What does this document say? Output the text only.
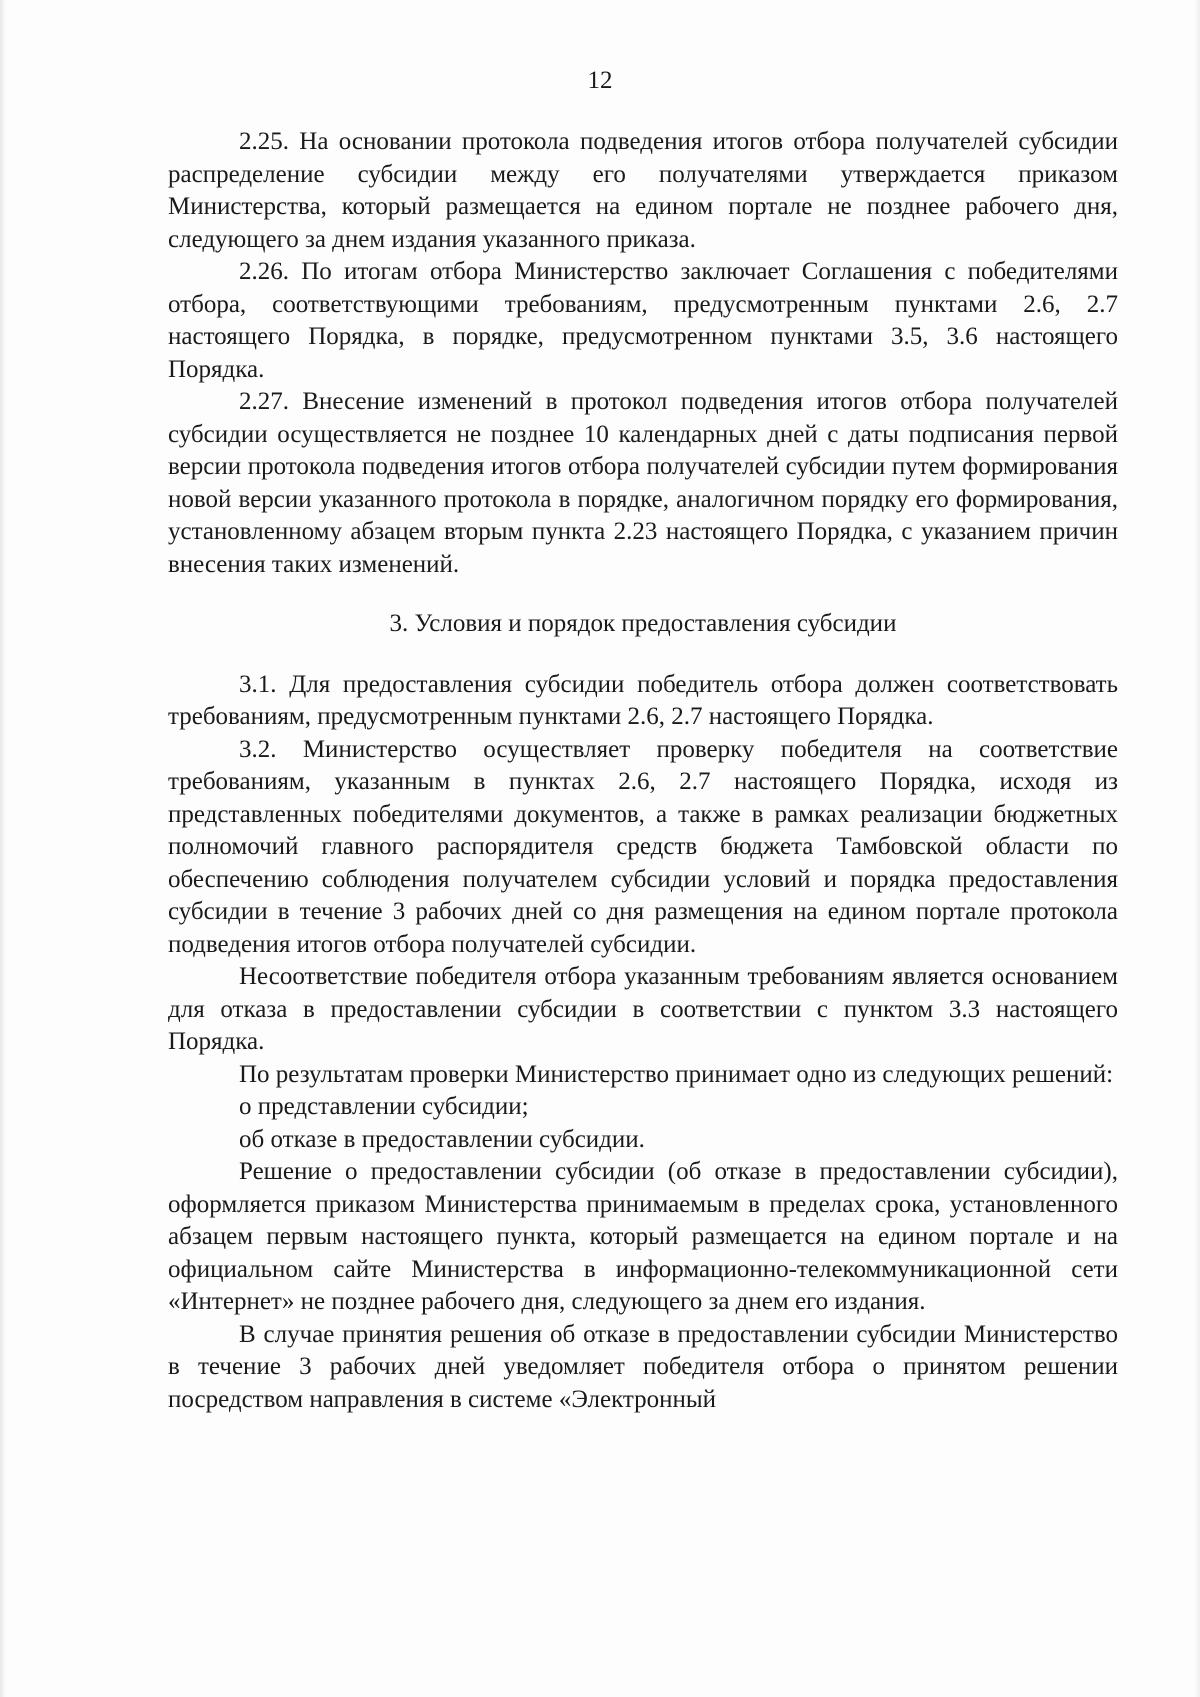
12

2.25. На основании протокола подведения итогов отбора получателей субсидии распределение субсидии между его получателями утверждается приказом Министерства, который размещается на едином портале не позднее рабочего дня, следующего за днем издания указанного приказа.

2.26. По итогам отбора Министерство заключает Соглашения с победителями отбора, соответствующими требованиям, предусмотренным пунктами 2.6, 2.7 настоящего Порядка, в порядке, предусмотренном пунктами 3.5, 3.6 настоящего Порядка.

2.27. Внесение изменений в протокол подведения итогов отбора получателей субсидии осуществляется не позднее 10 календарных дней с даты подписания первой версии протокола подведения итогов отбора получателей субсидии путем формирования новой версии указанного протокола в порядке, аналогичном порядку его формирования, установленному абзацем вторым пункта 2.23 настоящего Порядка, с указанием причин внесения таких изменений.

3. Условия и порядок предоставления субсидии

3.1. Для предоставления субсидии победитель отбора должен соответствовать требованиям, предусмотренным пунктами 2.6, 2.7 настоящего Порядка.

3.2. Министерство осуществляет проверку победителя на соответствие требованиям, указанным в пунктах 2.6, 2.7 настоящего Порядка, исходя из представленных победителями документов, а также в рамках реализации бюджетных полномочий главного распорядителя средств бюджета Тамбовской области по обеспечению соблюдения получателем субсидии условий и порядка предоставления субсидии в течение 3 рабочих дней со дня размещения на едином портале протокола подведения итогов отбора получателей субсидии.

Несоответствие победителя отбора указанным требованиям является основанием для отказа в предоставлении субсидии в соответствии с пунктом 3.3 настоящего Порядка.

По результатам проверки Министерство принимает одно из следующих решений:

о представлении субсидии;

об отказе в предоставлении субсидии.

Решение о предоставлении субсидии (об отказе в предоставлении субсидии), оформляется приказом Министерства принимаемым в пределах срока, установленного абзацем первым настоящего пункта, который размещается на едином портале и на официальном сайте Министерства в информационно-телекоммуникационной сети «Интернет» не позднее рабочего дня, следующего за днем его издания.

В случае принятия решения об отказе в предоставлении субсидии Министерство в течение 3 рабочих дней уведомляет победителя отбора о принятом решении посредством направления в системе «Электронный
